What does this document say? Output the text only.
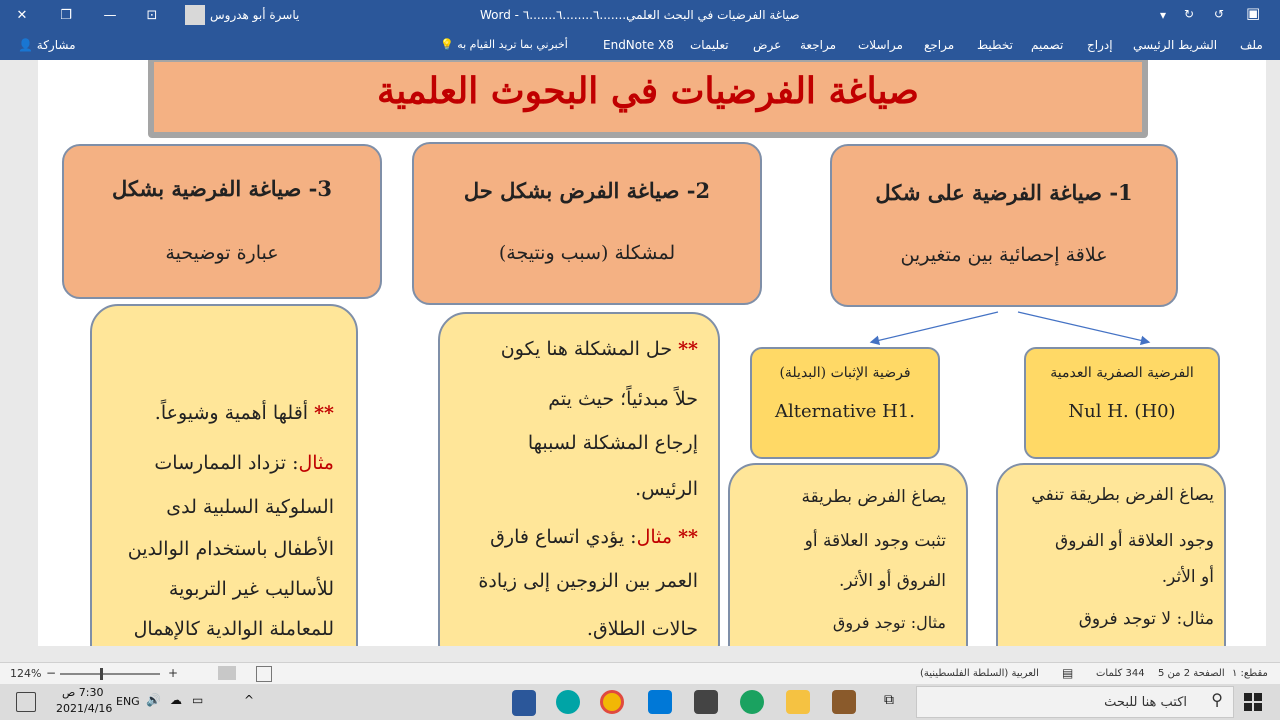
✕	❐	—	⊡	ياسرة أبو هدروس	Word - صياغة الفرضيات في البحث العلمي.......٦........٦.......٦	▾ ↻ ↺ ▣
👤 مشاركة	💡 أخبرني بما تريد القيام به	EndNote X8 تعليمات عرض مراجعة مراسلات مراجع تخطيط تصميم إدراج الشريط الرئيسي ملف
صياغة الفرضيات في البحوث العلمية
1- صياغة الفرضية على شكل
علاقة إحصائية بين متغيرين
2- صياغة الفرض بشكل حل
لمشكلة (سبب ونتيجة)
3- صياغة الفرضية بشكل
عبارة توضيحية
الفرضية الصفرية العدمية
Nul H. (H0)
فرضية الإثبات (البديلة)
Alternative H1.
يصاغ الفرض بطريقة تنفي
وجود العلاقة أو الفروق
أو الأثر.
مثال: لا توجد فروق
يصاغ الفرض بطريقة
تثبت وجود العلاقة أو
الفروق أو الأثر.
مثال: توجد فروق
** حل المشكلة هنا يكون
حلاً مبدئياً؛ حيث يتم
إرجاع المشكلة لسببها
الرئيس.
** مثال: يؤدي اتساع فارق
العمر بين الزوجين إلى زيادة
حالات الطلاق.
** أقلها أهمية وشيوعاً.
مثال: تزداد الممارسات
السلوكية السلبية لدى
الأطفال باستخدام الوالدين
للأساليب غير التربوية
للمعاملة الوالدية كالإهمال
124% −	+	العربية (السلطة الفلسطينية) ▤ 344 كلمات الصفحة 2 من 5 مقطع: ١
7:30 ص
2021/4/16
ENG 🔊 ☁ ▭	^	⧉	اكتب هنا للبحث ⚲
